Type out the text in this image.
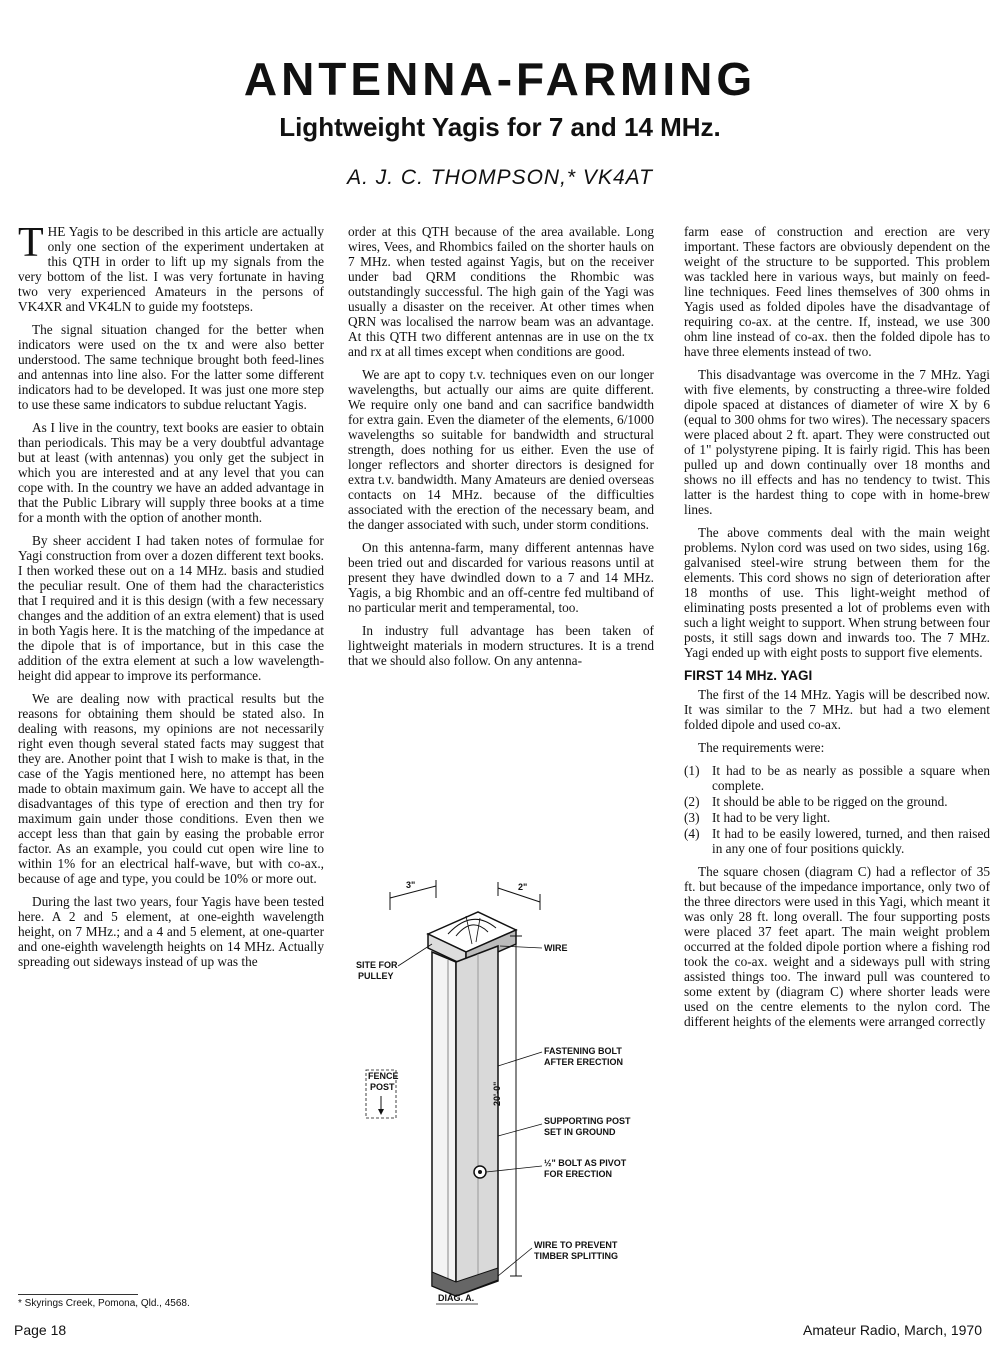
ANTENNA-FARMING
Lightweight Yagis for 7 and 14 MHz.
A. J. C. THOMPSON,* VK4AT

THE Yagis to be described in this article are actually only one section of the experiment undertaken at this QTH in order to lift up my signals from the very bottom of the list. I was very fortunate in having two very experienced Amateurs in the persons of VK4XR and VK4LN to guide my footsteps.

The signal situation changed for the better when indicators were used on the tx and were also better understood. The same technique brought both feed-lines and antennas into line also. For the latter some different indicators had to be developed. It was just one more step to use these same indicators to subdue reluctant Yagis.

As I live in the country, text books are easier to obtain than periodicals. This may be a very doubtful advantage but at least (with antennas) you only get the subject in which you are interested and at any level that you can cope with. In the country we have an added advantage in that the Public Library will supply three books at a time for a month with the option of another month.

By sheer accident I had taken notes of formulae for Yagi construction from over a dozen different text books. I then worked these out on a 14 MHz. basis and studied the peculiar result. One of them had the characteristics that I required and it is this design (with a few necessary changes and the addition of an extra element) that is used in both Yagis here. It is the matching of the impedance at the dipole that is of importance, but in this case the addition of the extra element at such a low wavelength-height did appear to improve its performance.

We are dealing now with practical results but the reasons for obtaining them should be stated also. In dealing with reasons, my opinions are not necessarily right even though several stated facts may suggest that they are. Another point that I wish to make is that, in the case of the Yagis mentioned here, no attempt has been made to obtain maximum gain. We have to accept all the disadvantages of this type of erection and then try for maximum gain under those conditions. Even then we accept less than that gain by easing the probable error factor. As an example, you could cut open wire line to within 1% for an electrical half-wave, but with co-ax., because of age and type, you could be 10% or more out.

During the last two years, four Yagis have been tested here. A 2 and 5 element, at one-eighth wavelength height, on 7 MHz.; and a 4 and 5 element, at one-quarter and one-eighth wavelength heights on 14 MHz. Actually spreading out sideways instead of up was the

order at this QTH because of the area available. Long wires, Vees, and Rhombics failed on the shorter hauls on 7 MHz. when tested against Yagis, but on the receiver under bad QRM conditions the Rhombic was outstandingly successful. The high gain of the Yagi was usually a disaster on the receiver. At other times when QRN was localised the narrow beam was an advantage. At this QTH two different antennas are in use on the tx and rx at all times except when conditions are good.

We are apt to copy t.v. techniques even on our longer wavelengths, but actually our aims are quite different. We require only one band and can sacrifice bandwidth for extra gain. Even the diameter of the elements, 6/1000 wavelengths so suitable for bandwidth and structural strength, does nothing for us either. Even the use of longer reflectors and shorter directors is designed for extra t.v. bandwidth. Many Amateurs are denied overseas contacts on 14 MHz. because of the difficulties associated with the erection of the necessary beam, and the danger associated with such, under storm conditions.

On this antenna-farm, many different antennas have been tried out and discarded for various reasons until at present they have dwindled down to a 7 and 14 MHz. Yagis, a big Rhombic and an off-centre fed multiband of no particular merit and temperamental, too.

In industry full advantage has been taken of lightweight materials in modern structures. It is a trend that we should also follow. On any antenna-

3"	2"
20'-0"
FENCE
POST
SITE FOR
PULLEY
WIRE
FASTENING BOLT
AFTER ERECTION
SUPPORTING POST
SET IN GROUND
½" BOLT AS PIVOT
FOR ERECTION
WIRE TO PREVENT
TIMBER SPLITTING
DIAG. A.

farm ease of construction and erection are very important. These factors are obviously dependent on the weight of the structure to be supported. This problem was tackled here in various ways, but mainly on feed-line techniques. Feed lines themselves of 300 ohms in Yagis used as folded dipoles have the disadvantage of requiring co-ax. at the centre. If, instead, we use 300 ohm line instead of co-ax. then the folded dipole has to have three elements instead of two.

This disadvantage was overcome in the 7 MHz. Yagi with five elements, by constructing a three-wire folded dipole spaced at distances of diameter of wire X by 6 (equal to 300 ohms for two wires). The necessary spacers were placed about 2 ft. apart. They were constructed out of 1" polystyrene piping. It is fairly rigid. This has been pulled up and down continually over 18 months and shows no ill effects and has no tendency to twist. This latter is the hardest thing to cope with in home-brew lines.

The above comments deal with the main weight problems. Nylon cord was used on two sides, using 16g. galvanised steel-wire strung between them for the elements. This cord shows no sign of deterioration after 18 months of use. This light-weight method of eliminating posts presented a lot of problems even with such a light weight to support. When strung between four posts, it still sags down and inwards too. The 7 MHz. Yagi ended up with eight posts to support five elements.

FIRST 14 MHz. YAGI

The first of the 14 MHz. Yagis will be described now. It was similar to the 7 MHz. but had a two element folded dipole and used co-ax.

The requirements were:

(1) It had to be as nearly as possible a square when complete.
(2) It should be able to be rigged on the ground.
(3) It had to be very light.
(4) It had to be easily lowered, turned, and then raised in any one of four positions quickly.

The square chosen (diagram C) had a reflector of 35 ft. but because of the impedance importance, only two of the three directors were used in this Yagi, which meant it was only 28 ft. long overall. The four supporting posts were placed 37 feet apart. The main weight problem occurred at the folded dipole portion where a fishing rod took the co-ax. weight and a sideways pull with string assisted things too. The inward pull was countered to some extent by (diagram C) where shorter leads were used on the centre elements to the nylon cord. The different heights of the elements were arranged correctly

* Skyrings Creek, Pomona, Qld., 4568.
Page 18	Amateur Radio, March, 1970
